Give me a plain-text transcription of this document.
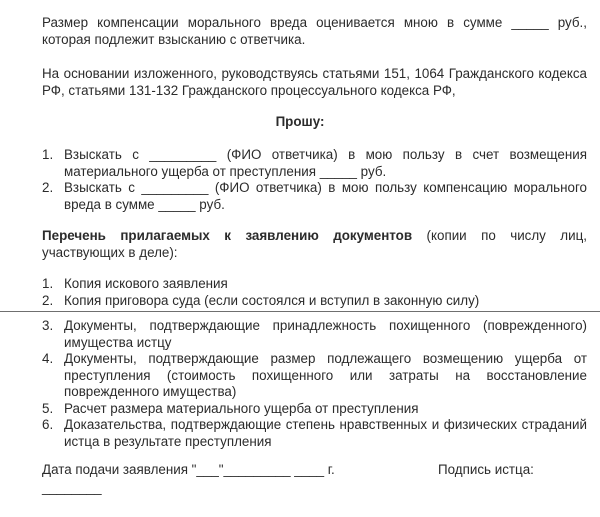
Размер компенсации морального вреда оценивается мною в сумме _____ руб., которая подлежит взысканию с ответчика.
На основании изложенного, руководствуясь статьями 151, 1064 Гражданского кодекса РФ, статьями 131-132 Гражданского процессуального кодекса РФ,
Прошу:
1. Взыскать с _________ (ФИО ответчика) в мою пользу в счет возмещения материального ущерба от преступления _____ руб.
2. Взыскать с _________ (ФИО ответчика) в мою пользу компенсацию морального вреда в сумме _____ руб.
Перечень прилагаемых к заявлению документов (копии по числу лиц, участвующих в деле):
1. Копия искового заявления
2. Копия приговора суда (если состоялся и вступил в законную силу)
3. Документы, подтверждающие принадлежность похищенного (поврежденного) имущества истцу
4. Документы, подтверждающие размер подлежащего возмещению ущерба от преступления (стоимость похищенного или затраты на восстановление поврежденного имущества)
5. Расчет размера материального ущерба от преступления
6. Доказательства, подтверждающие степень нравственных и физических страданий истца в результате преступления
Дата подачи заявления "___"_________ ____ г.	Подпись истца:
________
